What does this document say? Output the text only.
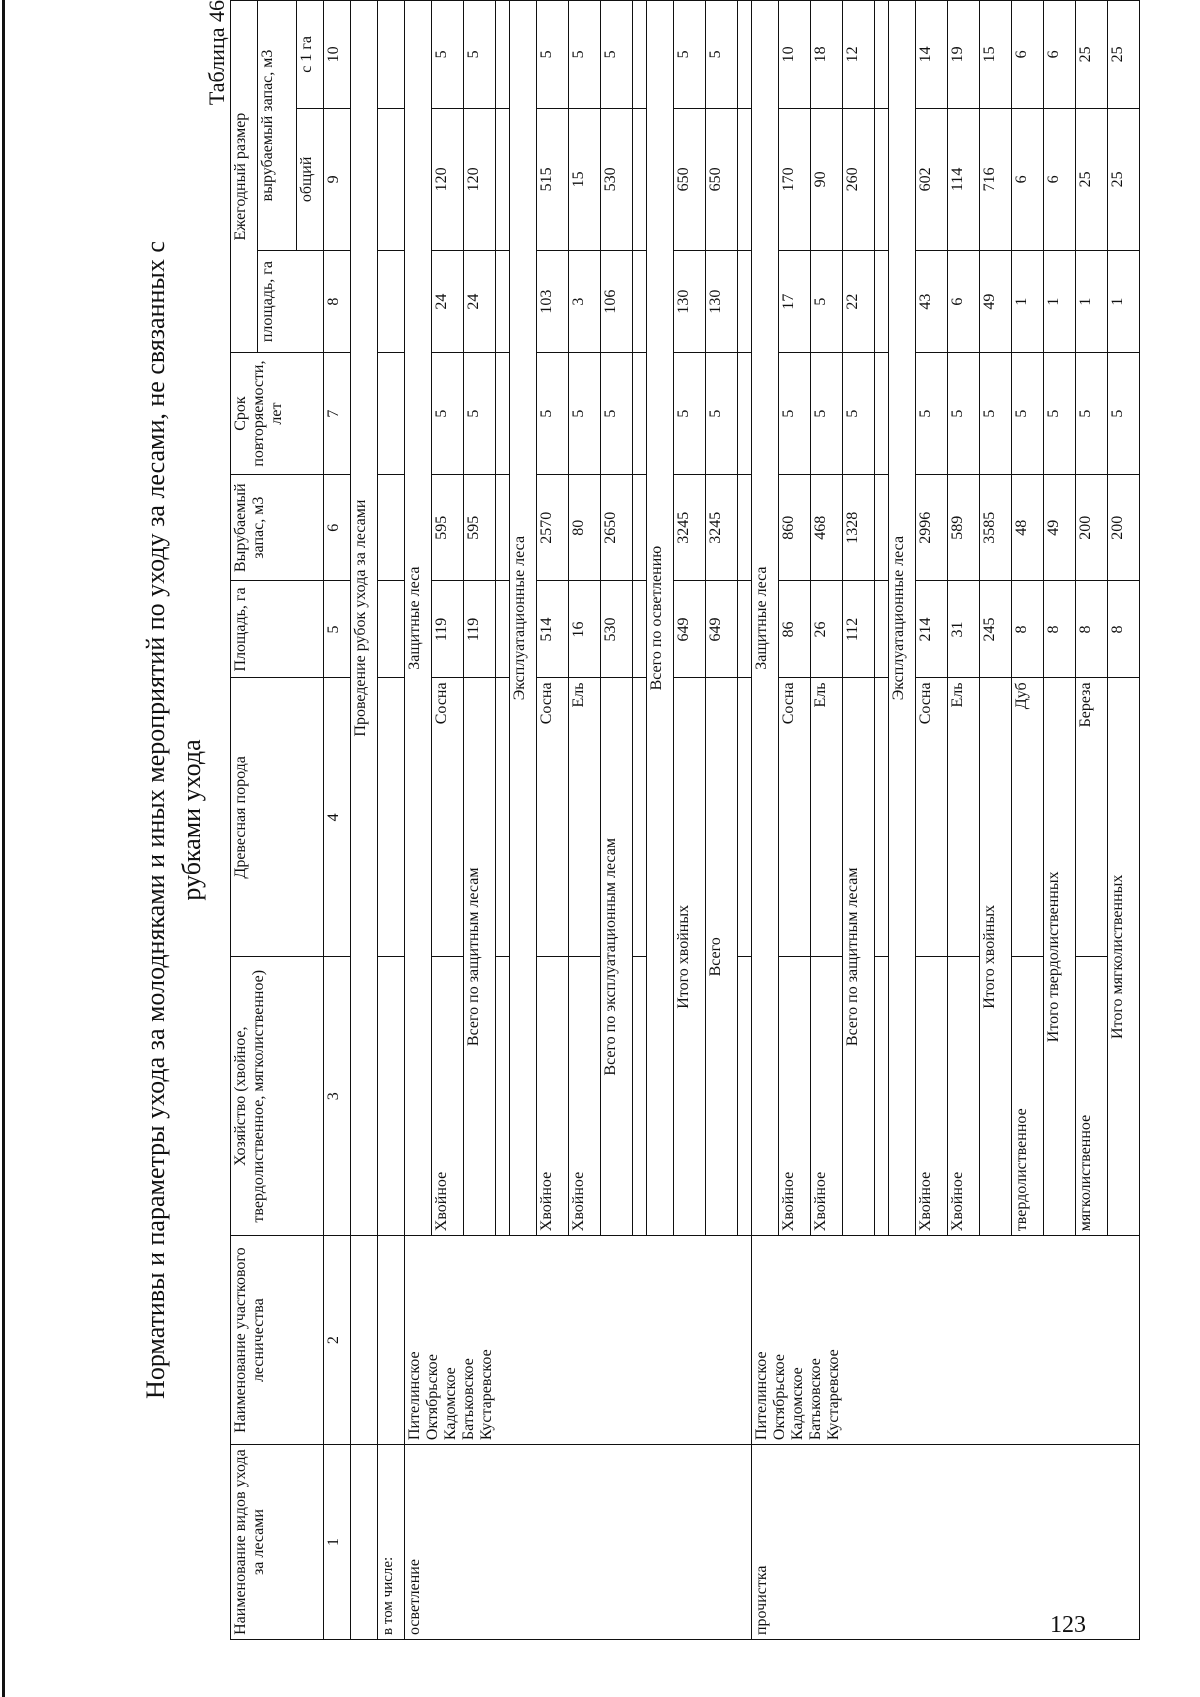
Нормативы и параметры ухода за молодняками и иных мероприятий по уходу за лесами, не связанных с рубками ухода
Таблица 46
Наименование видов ухода за лесами	Наименование участкового лесничества	Хозяйство (хвойное, твердолиственное, мягколиственное)	Древесная порода	Площадь, га	Вырубаемый запас, м3	Срок повторяемости, лет	Ежегодный размер		
							площадь, га	вырубаемый запас, м3	
								общий	с 1 га
1	2	3	4	5	6	7	8	9	10
		Проведение рубок ухода за лесами							
в том числе:									
осветление	Пителинское Октябрьское Кадомское Батьковское Кустаревское	Защитные леса							
		Хвойное	Сосна	119	595	5	24	120	5
		Всего по защитным лесам		119	595	5	24	120	5

		Эксплуатационные леса							
		Хвойное	Сосна	514	2570	5	103	515	5
		Хвойное	Ель	16	80	5	3	15	5
		Всего по эксплуатационным лесам		530	2650	5	106	530	5

		Всего по осветлению							
		Итого хвойных		649	3245	5	130	650	5
		Всего		649	3245	5	130	650	5

прочистка	Пителинское Октябрьское Кадомское Батьковское Кустаревское	Защитные леса							
		Хвойное	Сосна	86	860	5	17	170	10
		Хвойное	Ель	26	468	5	5	90	18
		Всего по защитным лесам		112	1328	5	22	260	12

		Эксплуатационные леса							
		Хвойное	Сосна	214	2996	5	43	602	14
		Хвойное	Ель	31	589	5	6	114	19
		Итого хвойных		245	3585	5	49	716	15
		твердолиственное	Дуб	8	48	5	1	6	6
		Итого твердолиственных		8	49	5	1	6	6
		мягколиственное	Береза	8	200	5	1	25	25
		Итого мягколиственных		8	200	5	1	25	25
123
